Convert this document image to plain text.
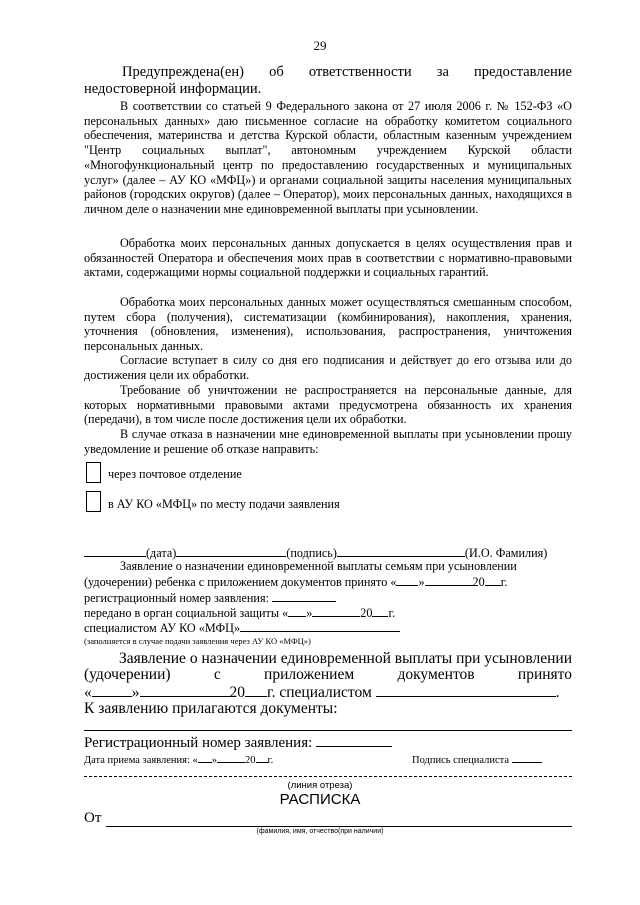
29
Предупреждена(ен) об ответственности за предоставление
недостоверной информации.
В соответствии со статьей 9 Федерального закона от 27 июля 2006 г. № 152-ФЗ «О персональных данных» даю письменное согласие на обработку комитетом социального обеспечения, материнства и детства Курской области, областным казенным учреждением "Центр социальных выплат", автономным учреждением Курской области «Многофункциональный центр по предоставлению государственных и муниципальных услуг» (далее – АУ КО «МФЦ») и органами социальной защиты населения муниципальных районов (городских округов) (далее – Оператор), моих персональных данных, находящихся в личном деле о назначении мне единовременной выплаты при усыновлении.
Обработка моих персональных данных допускается в целях осуществления прав и обязанностей Оператора и обеспечения моих прав в соответствии с нормативно-правовыми актами, содержащими нормы социальной поддержки и социальных гарантий.
Обработка моих персональных данных может осуществляться смешанным способом, путем сбора (получения), систематизации (комбинирования), накопления, хранения, уточнения (обновления, изменения), использования, распространения, уничтожения персональных данных.
Согласие вступает в силу со дня его подписания и действует до его отзыва или до достижения цели их обработки.
Требование об уничтожении не распространяется на персональные данные, для которых нормативными правовыми актами предусмотрена обязанность их хранения (передачи), в том числе после достижения цели их обработки.
В случае отказа в назначении мне единовременной выплаты при усыновлении прошу уведомление и решение об отказе направить:
через почтовое отделение
в АУ КО «МФЦ» по месту подачи заявления
(дата)	(подпись)	(И.О. Фамилия)
Заявление о назначении единовременной выплаты семьям при усыновлении
(удочерении) ребенка с приложением документов принято « »	20 г.
регистрационный номер заявления:
передано в орган социальной защиты « »	20 г.
специалистом АУ КО «МФЦ»
(заполняется в случае подачи заявления через АУ КО «МФЦ»)
Заявление о назначении единовременной выплаты при усыновлении
(удочерении)	с	приложением	документов	принято
«	»	20 г. специалистом	.
К заявлению прилагаются документы:
Регистрационный номер заявления:
Дата приема заявления: « »	20 г.	Подпись специалиста
(линия отреза)
РАСПИСКА
От
(фамилия, имя, отчество(при наличии)
